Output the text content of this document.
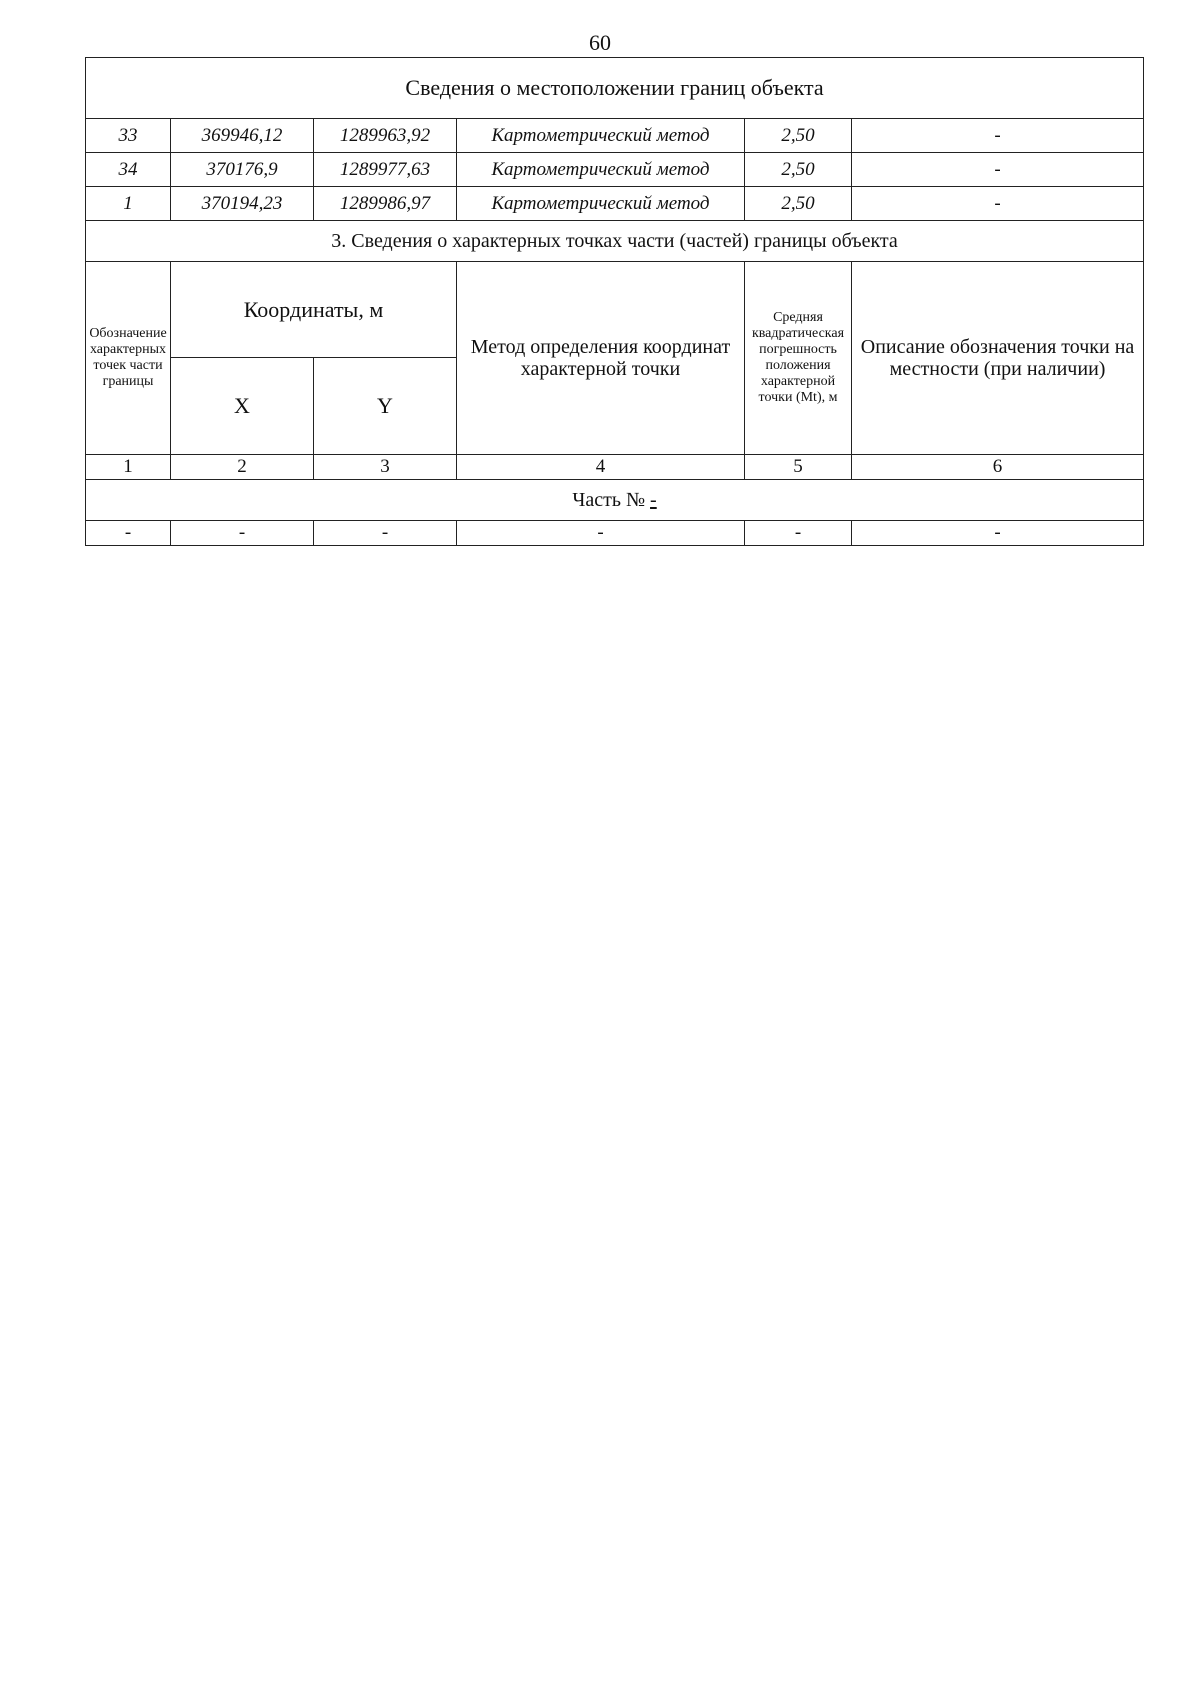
60
Сведения о местоположении границ объекта					
33	369946,12	1289963,92	Картометрический метод	2,50	-
34	370176,9	1289977,63	Картометрический метод	2,50	-
1	370194,23	1289986,97	Картометрический метод	2,50	-
3. Сведения о характерных точках части (частей) границы объекта					
Обозначение характерных точек части границы	Координаты, м		Метод определения координат характерной точки	Средняя квадратическая погрешность положения характерной точки (Mt), м	Описание обозначения точки на местности (при наличии)
	X	Y			
1	2	3	4	5	6
Часть № -					
-	-	-	-	-	-
